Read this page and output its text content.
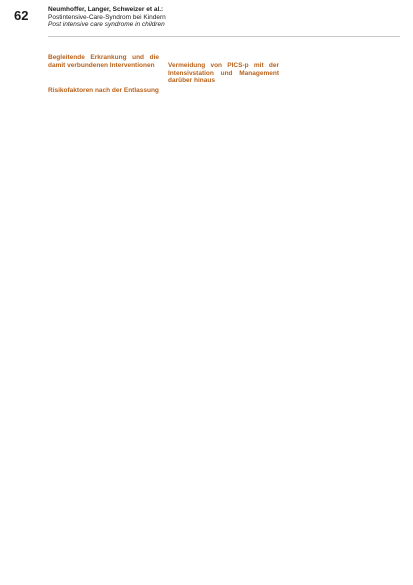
62	Neumhoffer, Langer, Schweizer et al.:
Postintensive-Care-Syndrom bei Kindern
Post intensive care syndrome in children
Begleitende Erkrankung und die damit verbundenen Interventionen

Risikofaktoren nach der Entlassung

Vermeidung von PICS-p mit der Intensivstation und Management darüber hinaus
